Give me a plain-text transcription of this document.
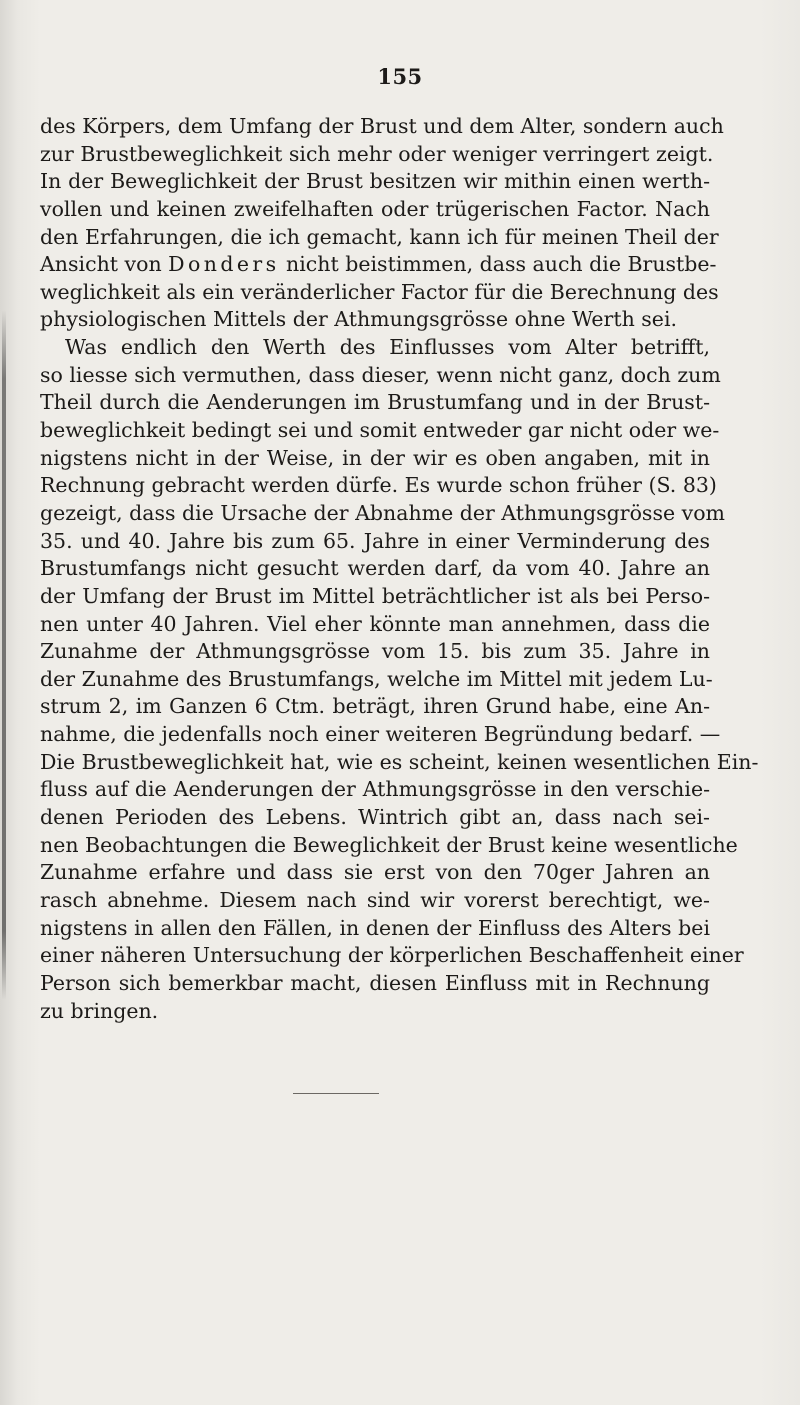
155
des Körpers, dem Umfang der Brust und dem Alter, sondern auch
zur Brustbeweglichkeit sich mehr oder weniger verringert zeigt.
In der Beweglichkeit der Brust besitzen wir mithin einen werth-
vollen und keinen zweifelhaften oder trügerischen Factor. Nach
den Erfahrungen, die ich gemacht, kann ich für meinen Theil der
Ansicht von Donders nicht beistimmen, dass auch die Brustbe-
weglichkeit als ein veränderlicher Factor für die Berechnung des
physiologischen Mittels der Athmungsgrösse ohne Werth sei.
Was endlich den Werth des Einflusses vom Alter betrifft,
so liesse sich vermuthen, dass dieser, wenn nicht ganz, doch zum
Theil durch die Aenderungen im Brustumfang und in der Brust-
beweglichkeit bedingt sei und somit entweder gar nicht oder we-
nigstens nicht in der Weise, in der wir es oben angaben, mit in
Rechnung gebracht werden dürfe. Es wurde schon früher (S. 83)
gezeigt, dass die Ursache der Abnahme der Athmungsgrösse vom
35. und 40. Jahre bis zum 65. Jahre in einer Verminderung des
Brustumfangs nicht gesucht werden darf, da vom 40. Jahre an
der Umfang der Brust im Mittel beträchtlicher ist als bei Perso-
nen unter 40 Jahren. Viel eher könnte man annehmen, dass die
Zunahme der Athmungsgrösse vom 15. bis zum 35. Jahre in
der Zunahme des Brustumfangs, welche im Mittel mit jedem Lu-
strum 2, im Ganzen 6 Ctm. beträgt, ihren Grund habe, eine An-
nahme, die jedenfalls noch einer weiteren Begründung bedarf. —
Die Brustbeweglichkeit hat, wie es scheint, keinen wesentlichen Ein-
fluss auf die Aenderungen der Athmungsgrösse in den verschie-
denen Perioden des Lebens. Wintrich gibt an, dass nach sei-
nen Beobachtungen die Beweglichkeit der Brust keine wesentliche
Zunahme erfahre und dass sie erst von den 70ger Jahren an
rasch abnehme. Diesem nach sind wir vorerst berechtigt, we-
nigstens in allen den Fällen, in denen der Einfluss des Alters bei
einer näheren Untersuchung der körperlichen Beschaffenheit einer
Person sich bemerkbar macht, diesen Einfluss mit in Rechnung
zu bringen.
